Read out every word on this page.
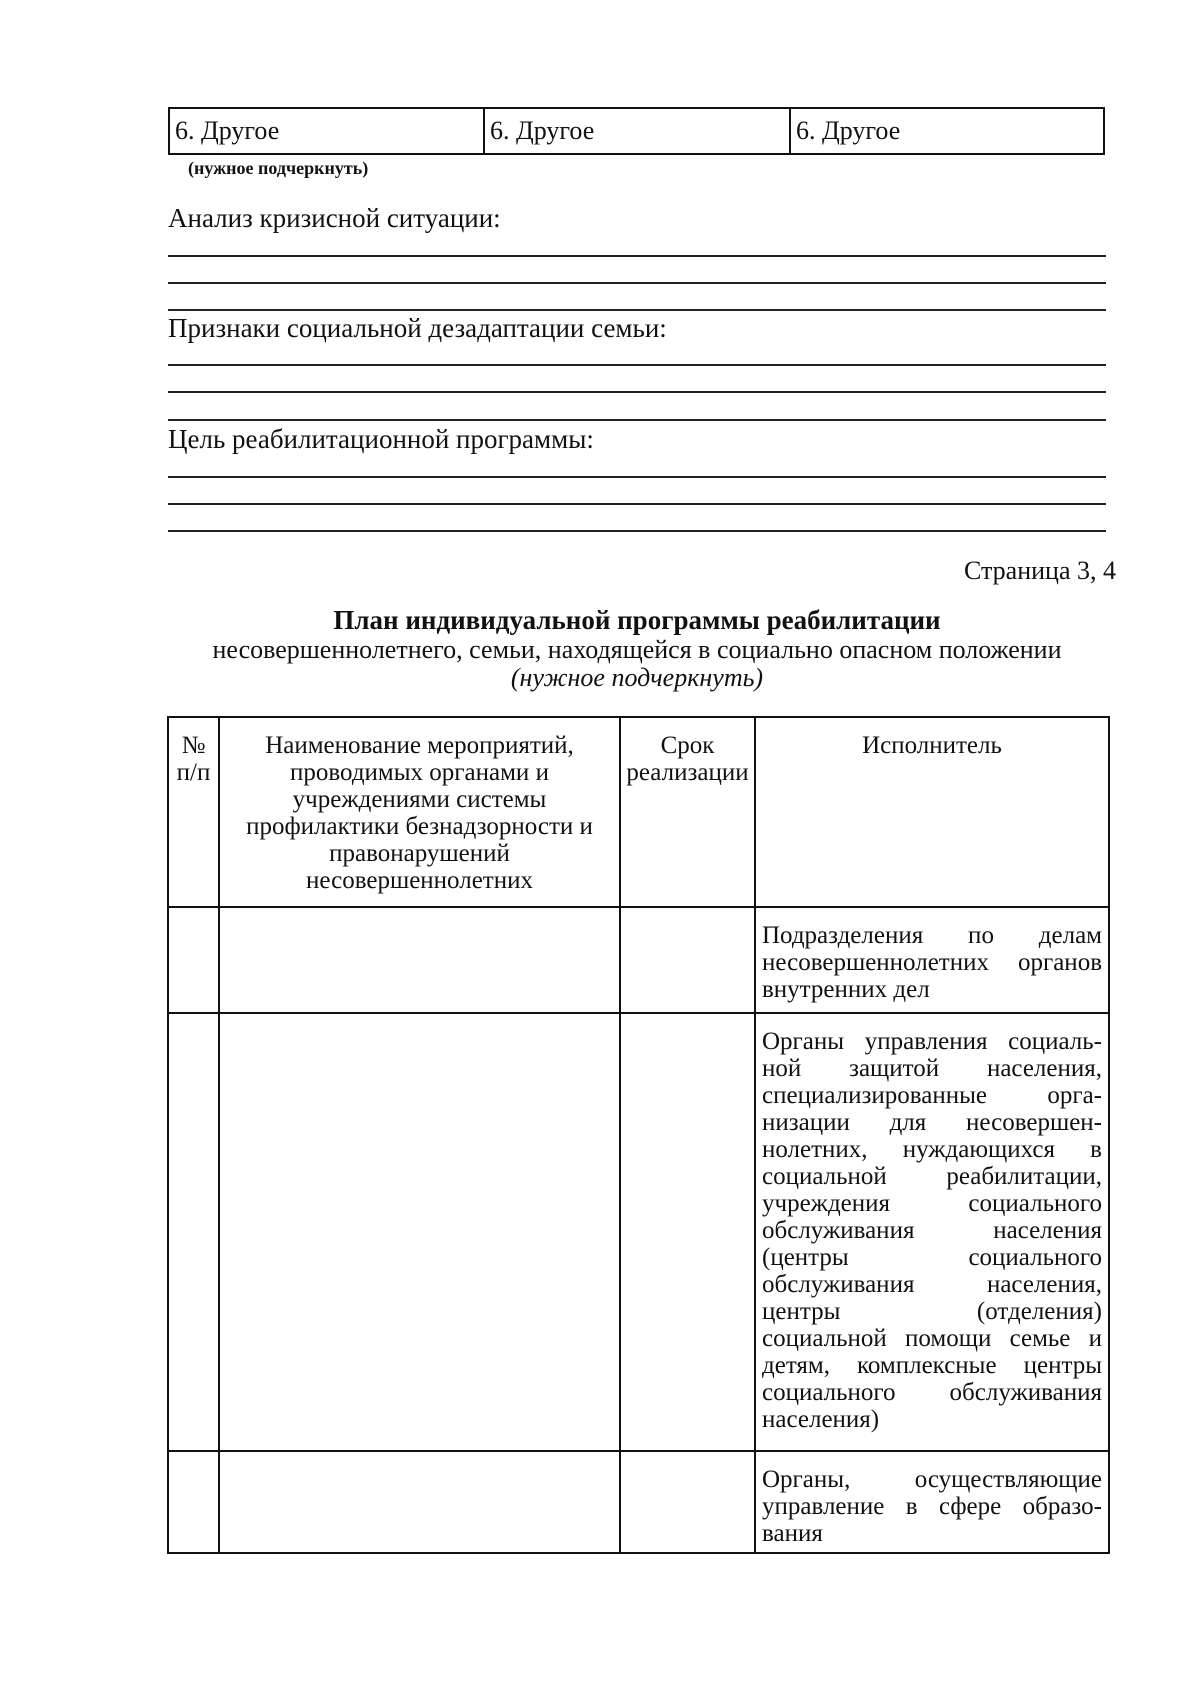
6. Другое	6. Другое	6. Другое
(нужное подчеркнуть)
Анализ кризисной ситуации:
Признаки социальной дезадаптации семьи:
Цель реабилитационной программы:
Страница 3, 4
План индивидуальной программы реабилитации
несовершеннолетнего, семьи, находящейся в социально опасном положении
(нужное подчеркнуть)
№ п/п	Наименование мероприятий, проводимых органами и учреждениями системы профилактики безнадзорности и правонарушений несовершеннолетних	Срок реализации	Исполнитель
			Подразделения по делам несовершеннолетних органов внутренних дел
			Органы управления социальной защитой населения, специализированные организации для несовершеннолетних, нуждающихся в социальной реабилитации, учреждения социального обслуживания населения (центры социального обслуживания населения, центры (отделения) социальной помощи семье и детям, комплексные центры социального обслуживания населения)
			Органы, осуществляющие управление в сфере образования
